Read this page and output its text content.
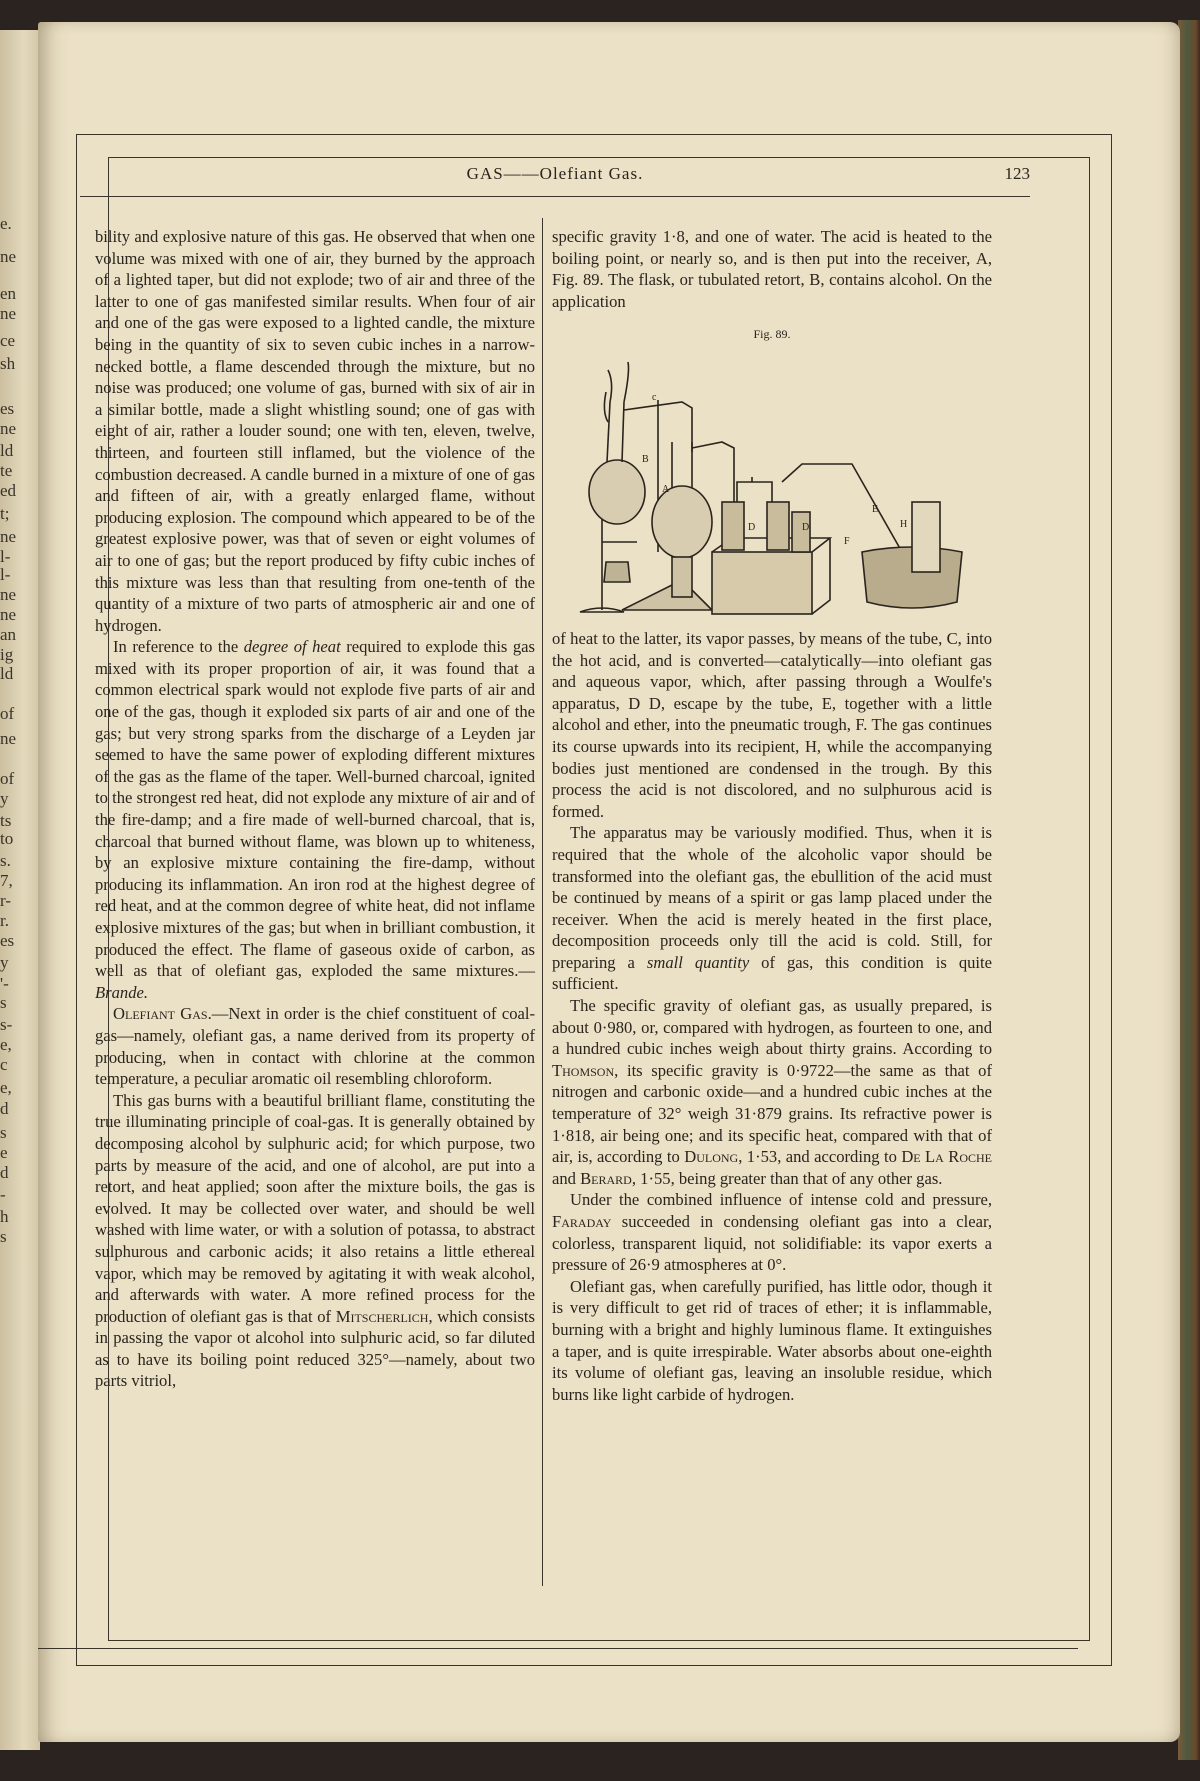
e.
ne
en
ne
ce
sh
es
ne
ld
te
ed
t;
ne
l-
l-
ne
ne
an
ig
ld
of
ne
of
y
ts
to
s.
7,
r-
r.
es
y
'-
s
s-
e,
c
e,
d
s
e
d
-
h
s
GAS——Olefiant Gas.	123

bility and explosive nature of this gas. He observed that when one volume was mixed with one of air, they burned by the approach of a lighted taper, but did not explode; two of air and three of the latter to one of gas manifested similar results. When four of air and one of the gas were exposed to a lighted candle, the mixture being in the quantity of six to seven cubic inches in a narrow-necked bottle, a flame descended through the mixture, but no noise was produced; one volume of gas, burned with six of air in a similar bottle, made a slight whistling sound; one of gas with eight of air, rather a louder sound; one with ten, eleven, twelve, thirteen, and fourteen still inflamed, but the violence of the combustion decreased. A candle burned in a mixture of one of gas and fifteen of air, with a greatly enlarged flame, without producing explosion. The compound which appeared to be of the greatest explosive power, was that of seven or eight volumes of air to one of gas; but the report produced by fifty cubic inches of this mixture was less than that resulting from one-tenth of the quantity of a mixture of two parts of atmospheric air and one of hydrogen.

In reference to the degree of heat required to explode this gas mixed with its proper proportion of air, it was found that a common electrical spark would not explode five parts of air and one of the gas, though it exploded six parts of air and one of the gas; but very strong sparks from the discharge of a Leyden jar seemed to have the same power of exploding different mixtures of the gas as the flame of the taper. Well-burned charcoal, ignited to the strongest red heat, did not explode any mixture of air and of the fire-damp; and a fire made of well-burned charcoal, that is, charcoal that burned without flame, was blown up to whiteness, by an explosive mixture containing the fire-damp, without producing its inflammation. An iron rod at the highest degree of red heat, and at the common degree of white heat, did not inflame explosive mixtures of the gas; but when in brilliant combustion, it produced the effect. The flame of gaseous oxide of carbon, as well as that of olefiant gas, exploded the same mixtures.—Brande.

Olefiant Gas.—Next in order is the chief constituent of coal-gas—namely, olefiant gas, a name derived from its property of producing, when in contact with chlorine at the common temperature, a peculiar aromatic oil resembling chloroform.

This gas burns with a beautiful brilliant flame, constituting the true illuminating principle of coal-gas. It is generally obtained by decomposing alcohol by sulphuric acid; for which purpose, two parts by measure of the acid, and one of alcohol, are put into a retort, and heat applied; soon after the mixture boils, the gas is evolved. It may be collected over water, and should be well washed with lime water, or with a solution of potassa, to abstract sulphurous and carbonic acids; it also retains a little ethereal vapor, which may be removed by agitating it with weak alcohol, and afterwards with water. A more refined process for the production of olefiant gas is that of Mitscherlich, which consists in passing the vapor ot alcohol into sulphuric acid, so far diluted as to have its boiling point reduced 325°—namely, about two parts vitriol,

specific gravity 1·8, and one of water. The acid is heated to the boiling point, or nearly so, and is then put into the receiver, A, Fig. 89. The flask, or tubulated retort, B, contains alcohol. On the application

Fig. 89.
c
B
A
D	D
E
H
F

of heat to the latter, its vapor passes, by means of the tube, C, into the hot acid, and is converted—catalytically—into olefiant gas and aqueous vapor, which, after passing through a Woulfe's apparatus, D D, escape by the tube, E, together with a little alcohol and ether, into the pneumatic trough, F. The gas continues its course upwards into its recipient, H, while the accompanying bodies just mentioned are condensed in the trough. By this process the acid is not discolored, and no sulphurous acid is formed.

The apparatus may be variously modified. Thus, when it is required that the whole of the alcoholic vapor should be transformed into the olefiant gas, the ebullition of the acid must be continued by means of a spirit or gas lamp placed under the receiver. When the acid is merely heated in the first place, decomposition proceeds only till the acid is cold. Still, for preparing a small quantity of gas, this condition is quite sufficient.

The specific gravity of olefiant gas, as usually prepared, is about 0·980, or, compared with hydrogen, as fourteen to one, and a hundred cubic inches weigh about thirty grains. According to Thomson, its specific gravity is 0·9722—the same as that of nitrogen and carbonic oxide—and a hundred cubic inches at the temperature of 32° weigh 31·879 grains. Its refractive power is 1·818, air being one; and its specific heat, compared with that of air, is, according to Dulong, 1·53, and according to De La Roche and Berard, 1·55, being greater than that of any other gas.

Under the combined influence of intense cold and pressure, Faraday succeeded in condensing olefiant gas into a clear, colorless, transparent liquid, not solidifiable: its vapor exerts a pressure of 26·9 atmospheres at 0°.

Olefiant gas, when carefully purified, has little odor, though it is very difficult to get rid of traces of ether; it is inflammable, burning with a bright and highly luminous flame. It extinguishes a taper, and is quite irrespirable. Water absorbs about one-eighth its volume of olefiant gas, leaving an insoluble residue, which burns like light carbide of hydrogen.
